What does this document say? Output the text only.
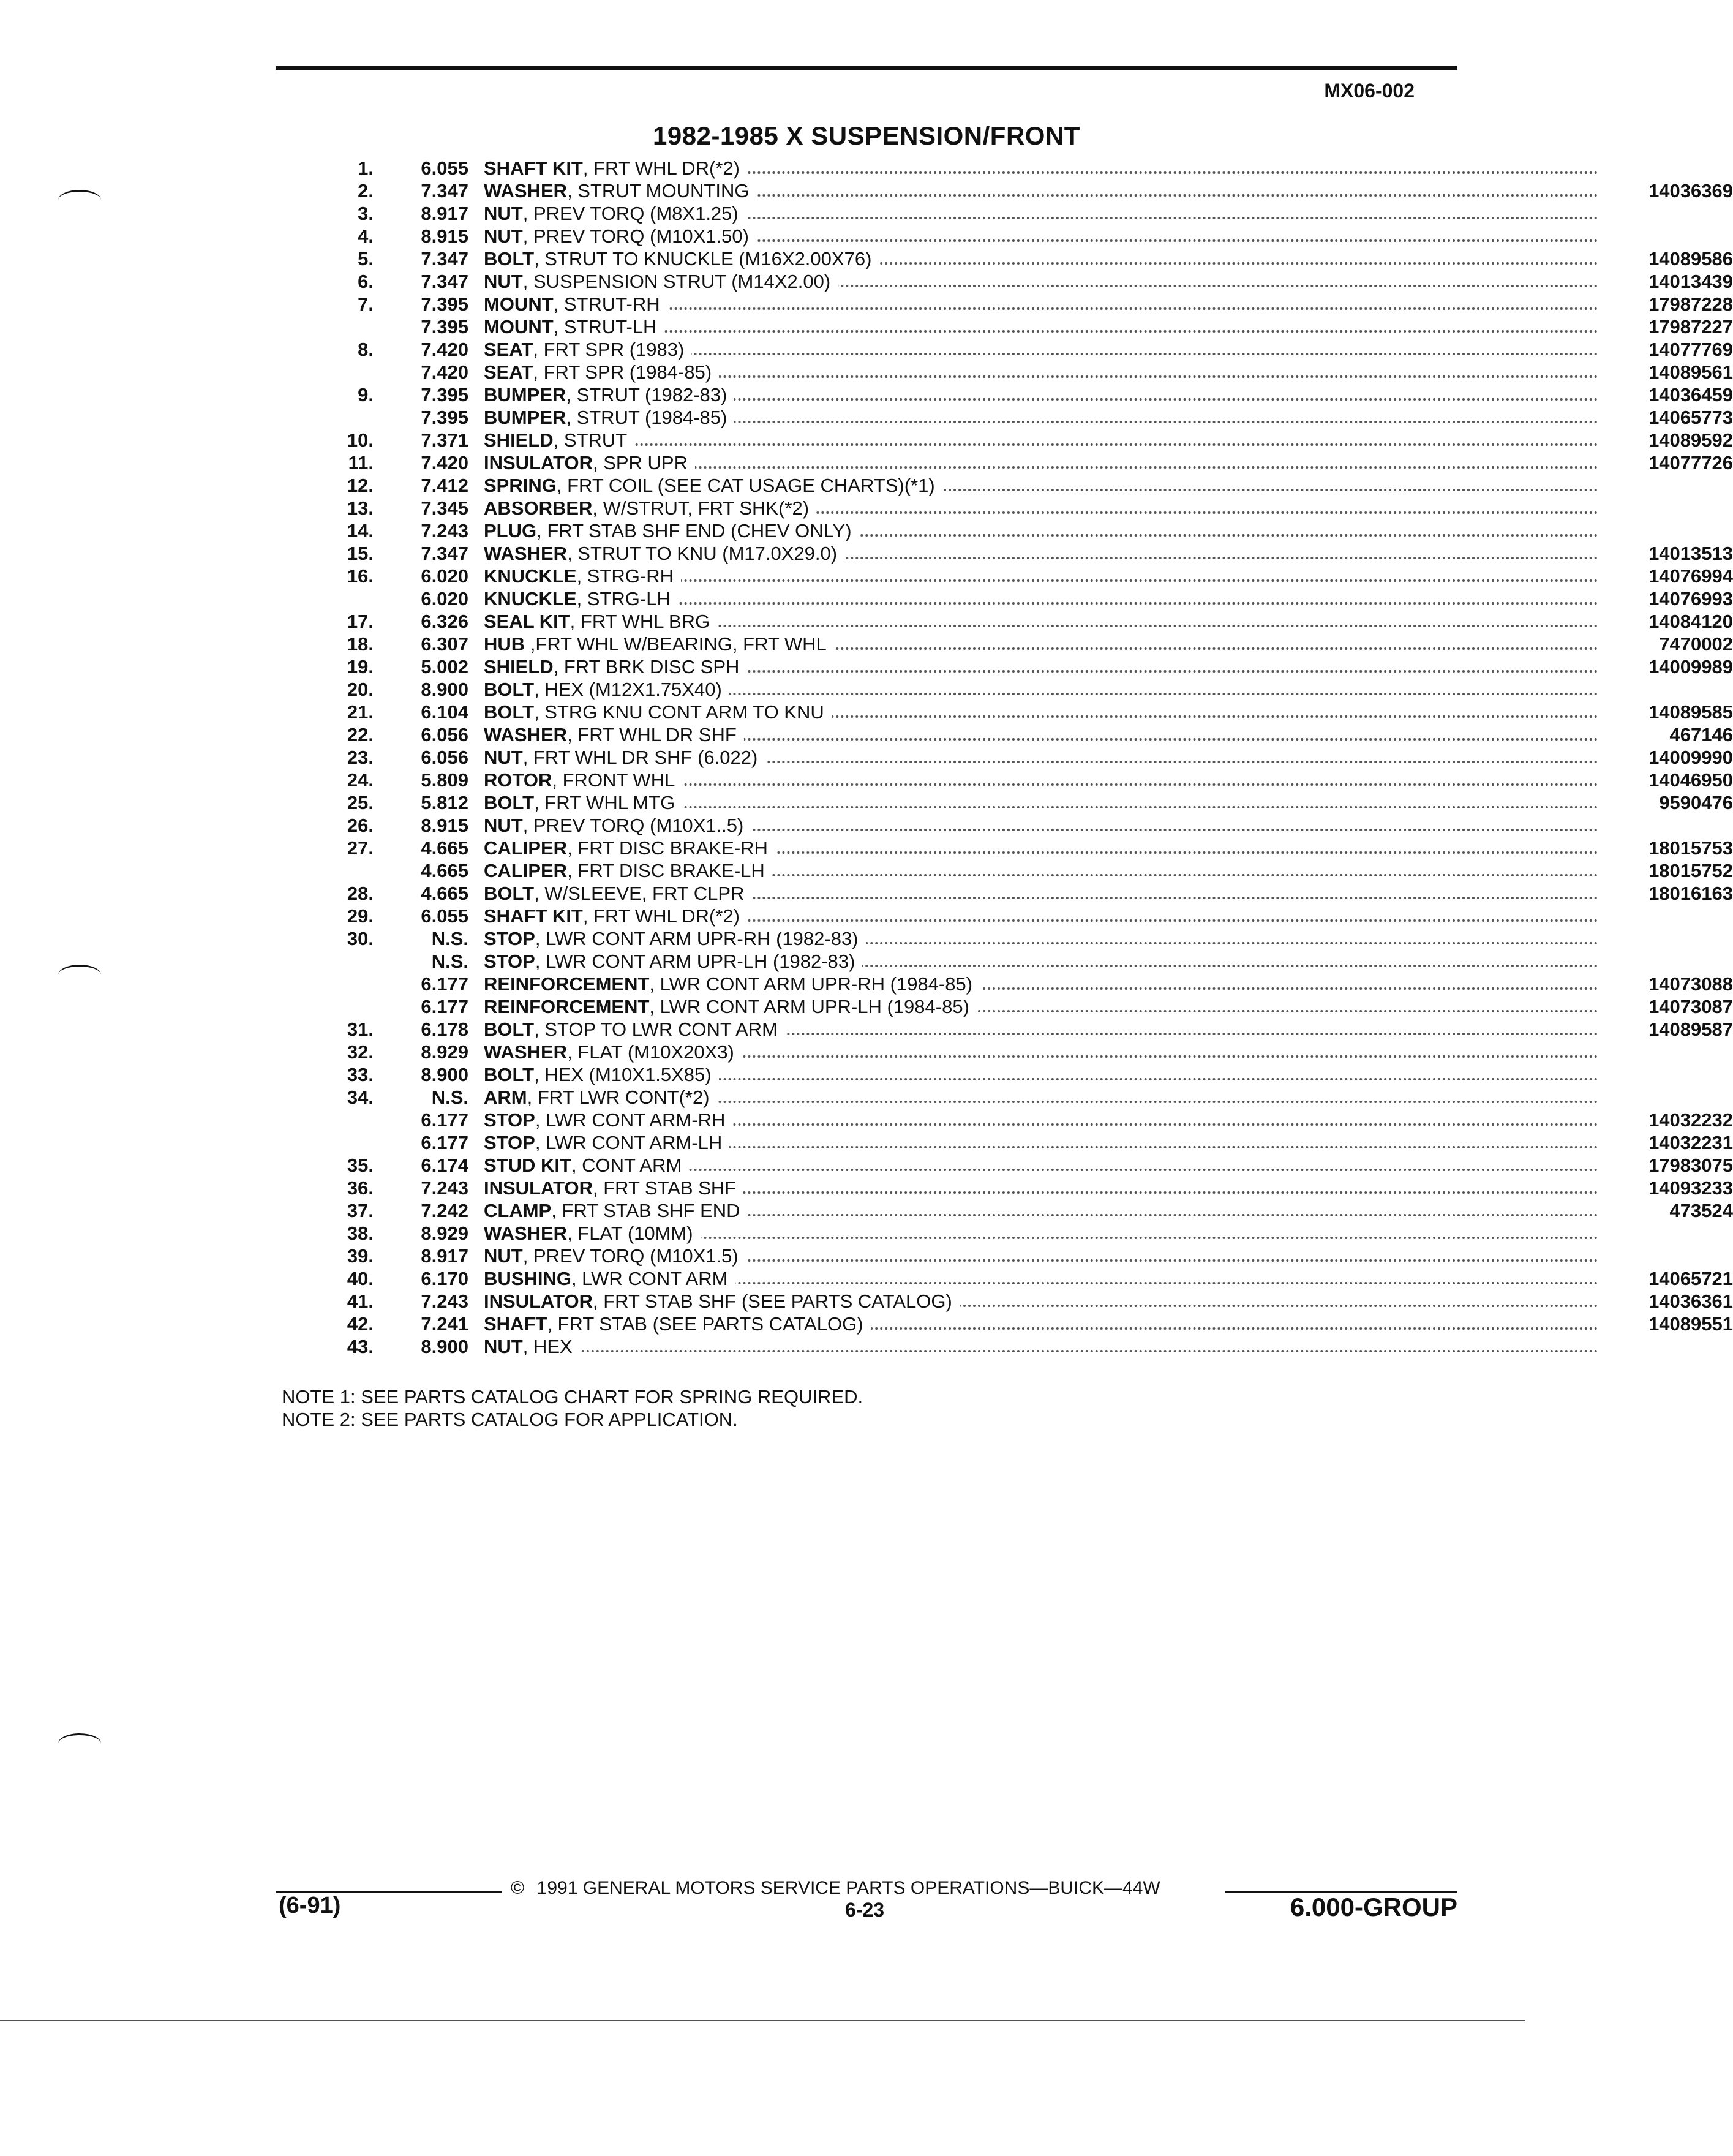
MX06-002
1982-1985 X SUSPENSION/FRONT
1.	6.055 SHAFT KIT, FRT WHL DR(*2)
2.	7.347 WASHER, STRUT MOUNTING	14036369
3.	8.917 NUT, PREV TORQ (M8X1.25)
4.	8.915 NUT, PREV TORQ (M10X1.50)
5.	7.347 BOLT, STRUT TO KNUCKLE (M16X2.00X76)	14089586
6.	7.347 NUT, SUSPENSION STRUT (M14X2.00)	14013439
7.	7.395 MOUNT, STRUT-RH	17987228
7.395 MOUNT, STRUT-LH	17987227
8.	7.420 SEAT, FRT SPR (1983)	14077769
7.420 SEAT, FRT SPR (1984-85)	14089561
9.	7.395 BUMPER, STRUT (1982-83)	14036459
7.395 BUMPER, STRUT (1984-85)	14065773
10.	7.371 SHIELD, STRUT	14089592
11.	7.420 INSULATOR, SPR UPR	14077726
12.	7.412 SPRING, FRT COIL (SEE CAT USAGE CHARTS)(*1)
13.	7.345 ABSORBER, W/STRUT, FRT SHK(*2)
14.	7.243 PLUG, FRT STAB SHF END (CHEV ONLY)
15.	7.347 WASHER, STRUT TO KNU (M17.0X29.0)	14013513
16.	6.020 KNUCKLE, STRG-RH	14076994
6.020 KNUCKLE, STRG-LH	14076993
17.	6.326 SEAL KIT, FRT WHL BRG	14084120
18.	6.307 HUB ,FRT WHL W/BEARING, FRT WHL	7470002
19.	5.002 SHIELD, FRT BRK DISC SPH	14009989
20.	8.900 BOLT, HEX (M12X1.75X40)
21.	6.104 BOLT, STRG KNU CONT ARM TO KNU	14089585
22.	6.056 WASHER, FRT WHL DR SHF	467146
23.	6.056 NUT, FRT WHL DR SHF (6.022)	14009990
24.	5.809 ROTOR, FRONT WHL	14046950
25.	5.812 BOLT, FRT WHL MTG	9590476
26.	8.915 NUT, PREV TORQ (M10X1..5)
27.	4.665 CALIPER, FRT DISC BRAKE-RH	18015753
4.665 CALIPER, FRT DISC BRAKE-LH	18015752
28.	4.665 BOLT, W/SLEEVE, FRT CLPR	18016163
29.	6.055 SHAFT KIT, FRT WHL DR(*2)
30.	N.S. STOP, LWR CONT ARM UPR-RH (1982-83)
N.S. STOP, LWR CONT ARM UPR-LH (1982-83)
6.177 REINFORCEMENT, LWR CONT ARM UPR-RH (1984-85)	14073088
6.177 REINFORCEMENT, LWR CONT ARM UPR-LH (1984-85)	14073087
31.	6.178 BOLT, STOP TO LWR CONT ARM	14089587
32.	8.929 WASHER, FLAT (M10X20X3)
33.	8.900 BOLT, HEX (M10X1.5X85)
34.	N.S. ARM, FRT LWR CONT(*2)
6.177 STOP, LWR CONT ARM-RH	14032232
6.177 STOP, LWR CONT ARM-LH	14032231
35.	6.174 STUD KIT, CONT ARM	17983075
36.	7.243 INSULATOR, FRT STAB SHF	14093233
37.	7.242 CLAMP, FRT STAB SHF END	473524
38.	8.929 WASHER, FLAT (10MM)
39.	8.917 NUT, PREV TORQ (M10X1.5)
40.	6.170 BUSHING, LWR CONT ARM	14065721
41.	7.243 INSULATOR, FRT STAB SHF (SEE PARTS CATALOG)	14036361
42.	7.241 SHAFT, FRT STAB (SEE PARTS CATALOG)	14089551
43.	8.900 NUT, HEX
NOTE 1: SEE PARTS CATALOG CHART FOR SPRING REQUIRED.
NOTE 2: SEE PARTS CATALOG FOR APPLICATION.
© 1991 GENERAL MOTORS SERVICE PARTS OPERATIONS—BUICK—44W
(6-91)	6-23	6.000-GROUP
